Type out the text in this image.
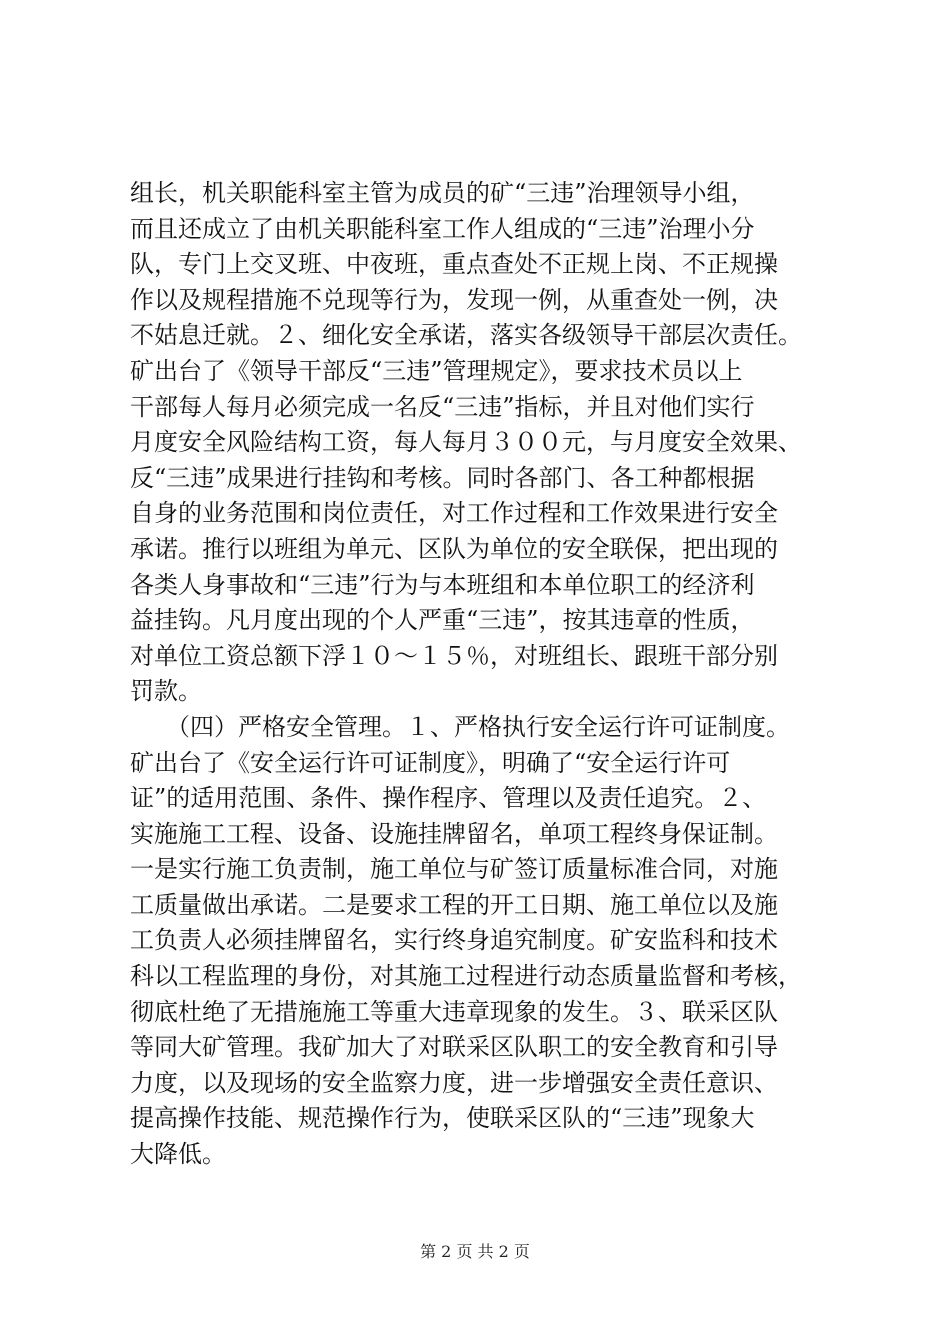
组长，机关职能科室主管为成员的矿“三违”治理领导小组，
而且还成立了由机关职能科室工作人组成的“三违”治理小分
队，专门上交叉班、中夜班，重点查处不正规上岗、不正规操
作以及规程措施不兑现等行为，发现一例，从重查处一例，决
不姑息迁就。２、细化安全承诺，落实各级领导干部层次责任。
矿出台了《领导干部反“三违”管理规定》，要求技术员以上
干部每人每月必须完成一名反“三违”指标，并且对他们实行
月度安全风险结构工资，每人每月３００元，与月度安全效果、
反“三违”成果进行挂钩和考核。同时各部门、各工种都根据
自身的业务范围和岗位责任，对工作过程和工作效果进行安全
承诺。推行以班组为单元、区队为单位的安全联保，把出现的
各类人身事故和“三违”行为与本班组和本单位职工的经济利
益挂钩。凡月度出现的个人严重“三违”，按其违章的性质，
对单位工资总额下浮１０～１５％，对班组长、跟班干部分别
罚款。
　　（四）严格安全管理。１、严格执行安全运行许可证制度。
矿出台了《安全运行许可证制度》，明确了“安全运行许可
证”的适用范围、条件、操作程序、管理以及责任追究。２、
实施施工工程、设备、设施挂牌留名，单项工程终身保证制。
一是实行施工负责制，施工单位与矿签订质量标准合同，对施
工质量做出承诺。二是要求工程的开工日期、施工单位以及施
工负责人必须挂牌留名，实行终身追究制度。矿安监科和技术
科以工程监理的身份，对其施工过程进行动态质量监督和考核，
彻底杜绝了无措施施工等重大违章现象的发生。３、联采区队
等同大矿管理。我矿加大了对联采区队职工的安全教育和引导
力度，以及现场的安全监察力度，进一步增强安全责任意识、
提高操作技能、规范操作行为，使联采区队的“三违”现象大
大降低。
第 2 页 共 2 页
